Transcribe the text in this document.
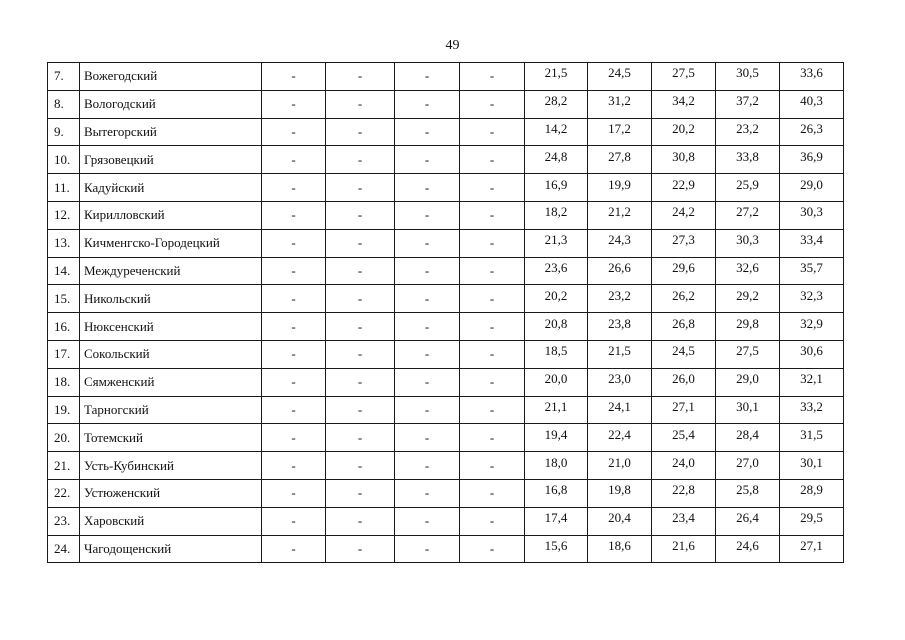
49
7.	Вожегодский	-	-	-	-	21,5	24,5	27,5	30,5	33,6
8.	Вологодский	-	-	-	-	28,2	31,2	34,2	37,2	40,3
9.	Вытегорский	-	-	-	-	14,2	17,2	20,2	23,2	26,3
10.	Грязовецкий	-	-	-	-	24,8	27,8	30,8	33,8	36,9
11.	Кадуйский	-	-	-	-	16,9	19,9	22,9	25,9	29,0
12.	Кирилловский	-	-	-	-	18,2	21,2	24,2	27,2	30,3
13.	Кичменгско-Городецкий	-	-	-	-	21,3	24,3	27,3	30,3	33,4
14.	Междуреченский	-	-	-	-	23,6	26,6	29,6	32,6	35,7
15.	Никольский	-	-	-	-	20,2	23,2	26,2	29,2	32,3
16.	Нюксенский	-	-	-	-	20,8	23,8	26,8	29,8	32,9
17.	Сокольский	-	-	-	-	18,5	21,5	24,5	27,5	30,6
18.	Сямженский	-	-	-	-	20,0	23,0	26,0	29,0	32,1
19.	Тарногский	-	-	-	-	21,1	24,1	27,1	30,1	33,2
20.	Тотемский	-	-	-	-	19,4	22,4	25,4	28,4	31,5
21.	Усть-Кубинский	-	-	-	-	18,0	21,0	24,0	27,0	30,1
22.	Устюженский	-	-	-	-	16,8	19,8	22,8	25,8	28,9
23.	Харовский	-	-	-	-	17,4	20,4	23,4	26,4	29,5
24.	Чагодощенский	-	-	-	-	15,6	18,6	21,6	24,6	27,1
